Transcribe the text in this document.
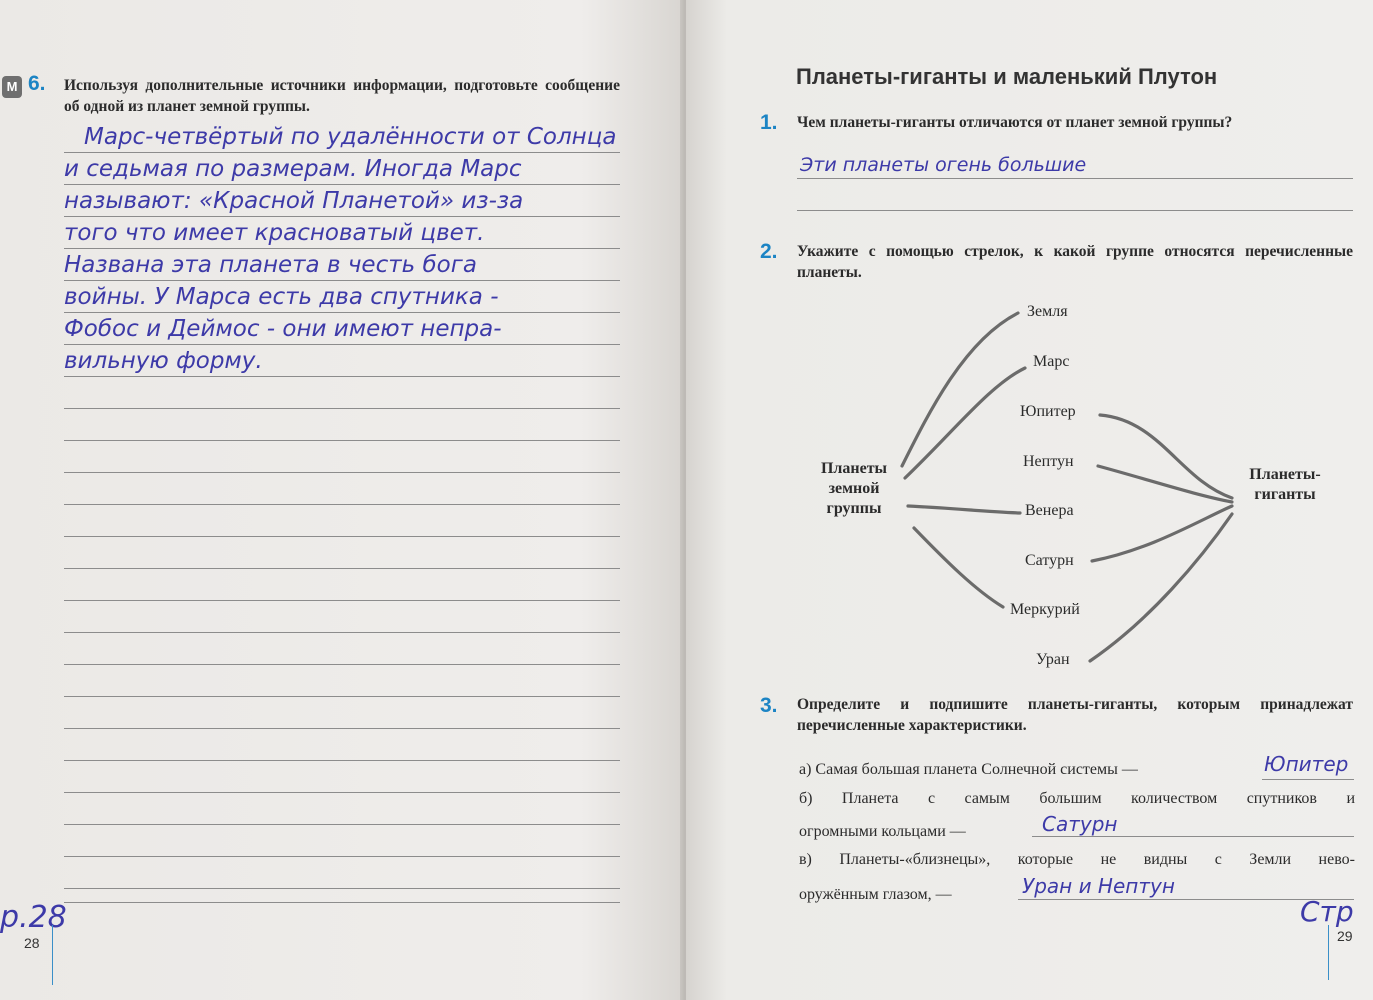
М 6. Используя дополнительные источники информации, подготовьте сообщение об одной из планет земной группы.
Марс-четвёртый по удалённости от Солнца
и седьмая по размерам. Иногда Марс
называют: «Красной Планетой» из-за
того что имеет красноватый цвет.
Названа эта планета в честь бога
войны. У Марса есть два спутника -
Фобос и Деймос - они имеют непра-
вильную форму.
p.28
28
Планеты-гиганты и маленький Плутон
1. Чем планеты-гиганты отличаются от планет земной группы?
Эти планеты огень большие
2. Укажите с помощью стрелок, к какой группе относятся перечисленные планеты.
Планеты
земной
группы
Планеты-
гиганты
Земля
Марс
Юпитер
Нептун
Венера
Сатурн
Меркурий
Уран
3. Определите и подпишите планеты-гиганты, которым принадлежат перечисленные характеристики.
а) Самая большая планета Солнечной системы —	Юпитер
б) Планета с самым большим количеством спутников и
огромными кольцами —	Сатурн
в) Планеты-«близнецы», которые не видны с Земли нево-
оружённым глазом, —	Уран и Нептун
Стр
29
